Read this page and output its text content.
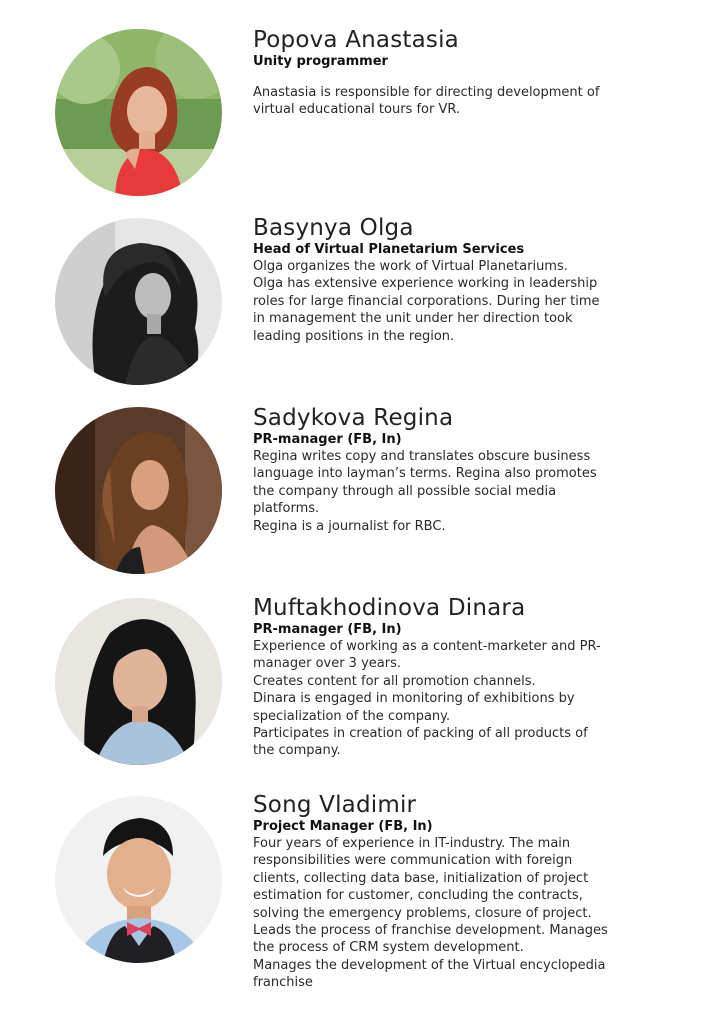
Popova Anastasia

Unity programmer

Anastasia is responsible for directing development of
virtual educational tours for VR.

Basynya Olga

Head of Virtual Planetarium Services

Olga organizes the work of Virtual Planetariums.
Olga has extensive experience working in leadership
roles for large financial corporations. During her time
in management the unit under her direction took
leading positions in the region.

Sadykova Regina

PR-manager (FB, In)

Regina writes copy and translates obscure business
language into layman’s terms. Regina also promotes
the company through all possible social media
platforms.
Regina is a journalist for RBC.

Muftakhodinova Dinara

PR-manager (FB, In)

Experience of working as a content-marketer and PR-
manager over 3 years.
Creates content for all promotion channels.
Dinara is engaged in monitoring of exhibitions by
specialization of the company.
Participates in creation of packing of all products of
the company.

Song Vladimir

Project Manager (FB, In)

Four years of experience in IT-industry. The main
responsibilities were communication with foreign
clients, collecting data base, initialization of project
estimation for customer, concluding the contracts,
solving the emergency problems, closure of project.
Leads the process of franchise development. Manages
the process of CRM system development.
Manages the development of the Virtual encyclopedia
franchise
